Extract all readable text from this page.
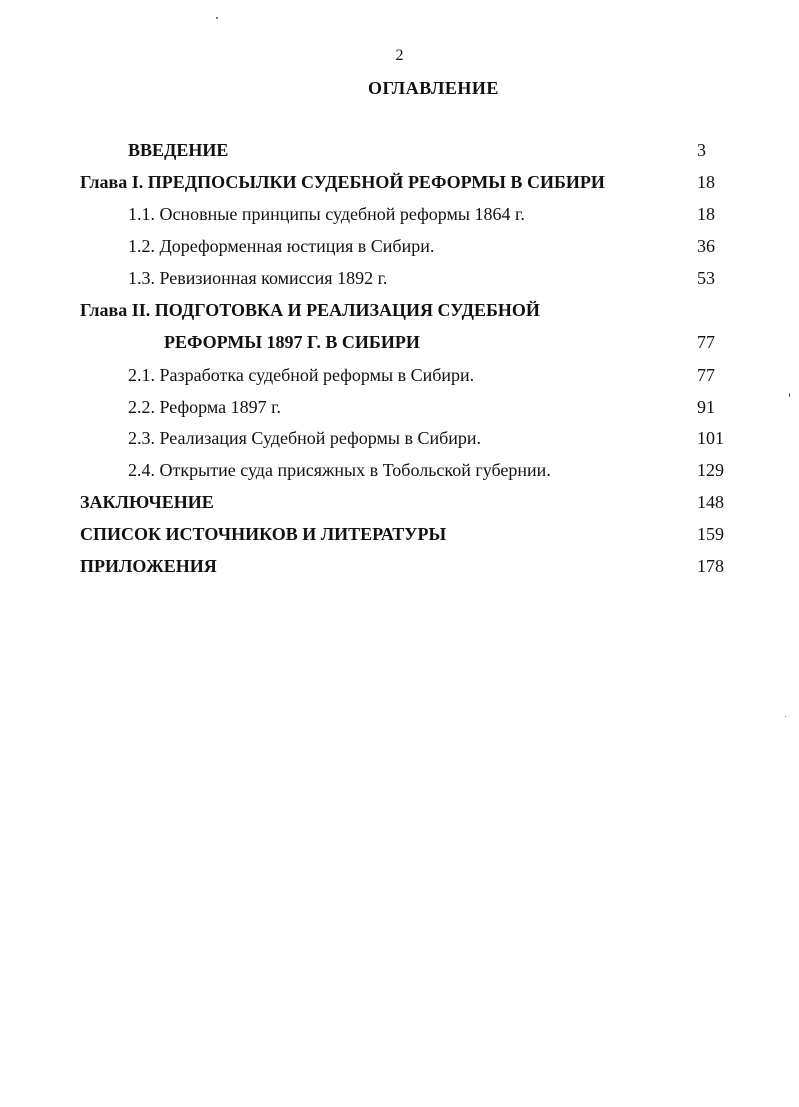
2
ОГЛАВЛЕНИЕ
ВВЕДЕНИЕ	3
Глава I. ПРЕДПОСЫЛКИ СУДЕБНОЙ РЕФОРМЫ В СИБИРИ	18
1.1. Основные принципы судебной реформы 1864 г.	18
1.2. Дореформенная юстиция в Сибири.	36
1.3. Ревизионная комиссия 1892 г.	53
Глава II. ПОДГОТОВКА И РЕАЛИЗАЦИЯ СУДЕБНОЙ
РЕФОРМЫ 1897 Г. В СИБИРИ	77
2.1. Разработка судебной реформы в Сибири.	77
2.2. Реформа 1897 г.	91
2.3. Реализация Судебной реформы в Сибири.	101
2.4. Открытие суда присяжных в Тобольской губернии.	129
ЗАКЛЮЧЕНИЕ	148
СПИСОК ИСТОЧНИКОВ И ЛИТЕРАТУРЫ	159
ПРИЛОЖЕНИЯ	178
